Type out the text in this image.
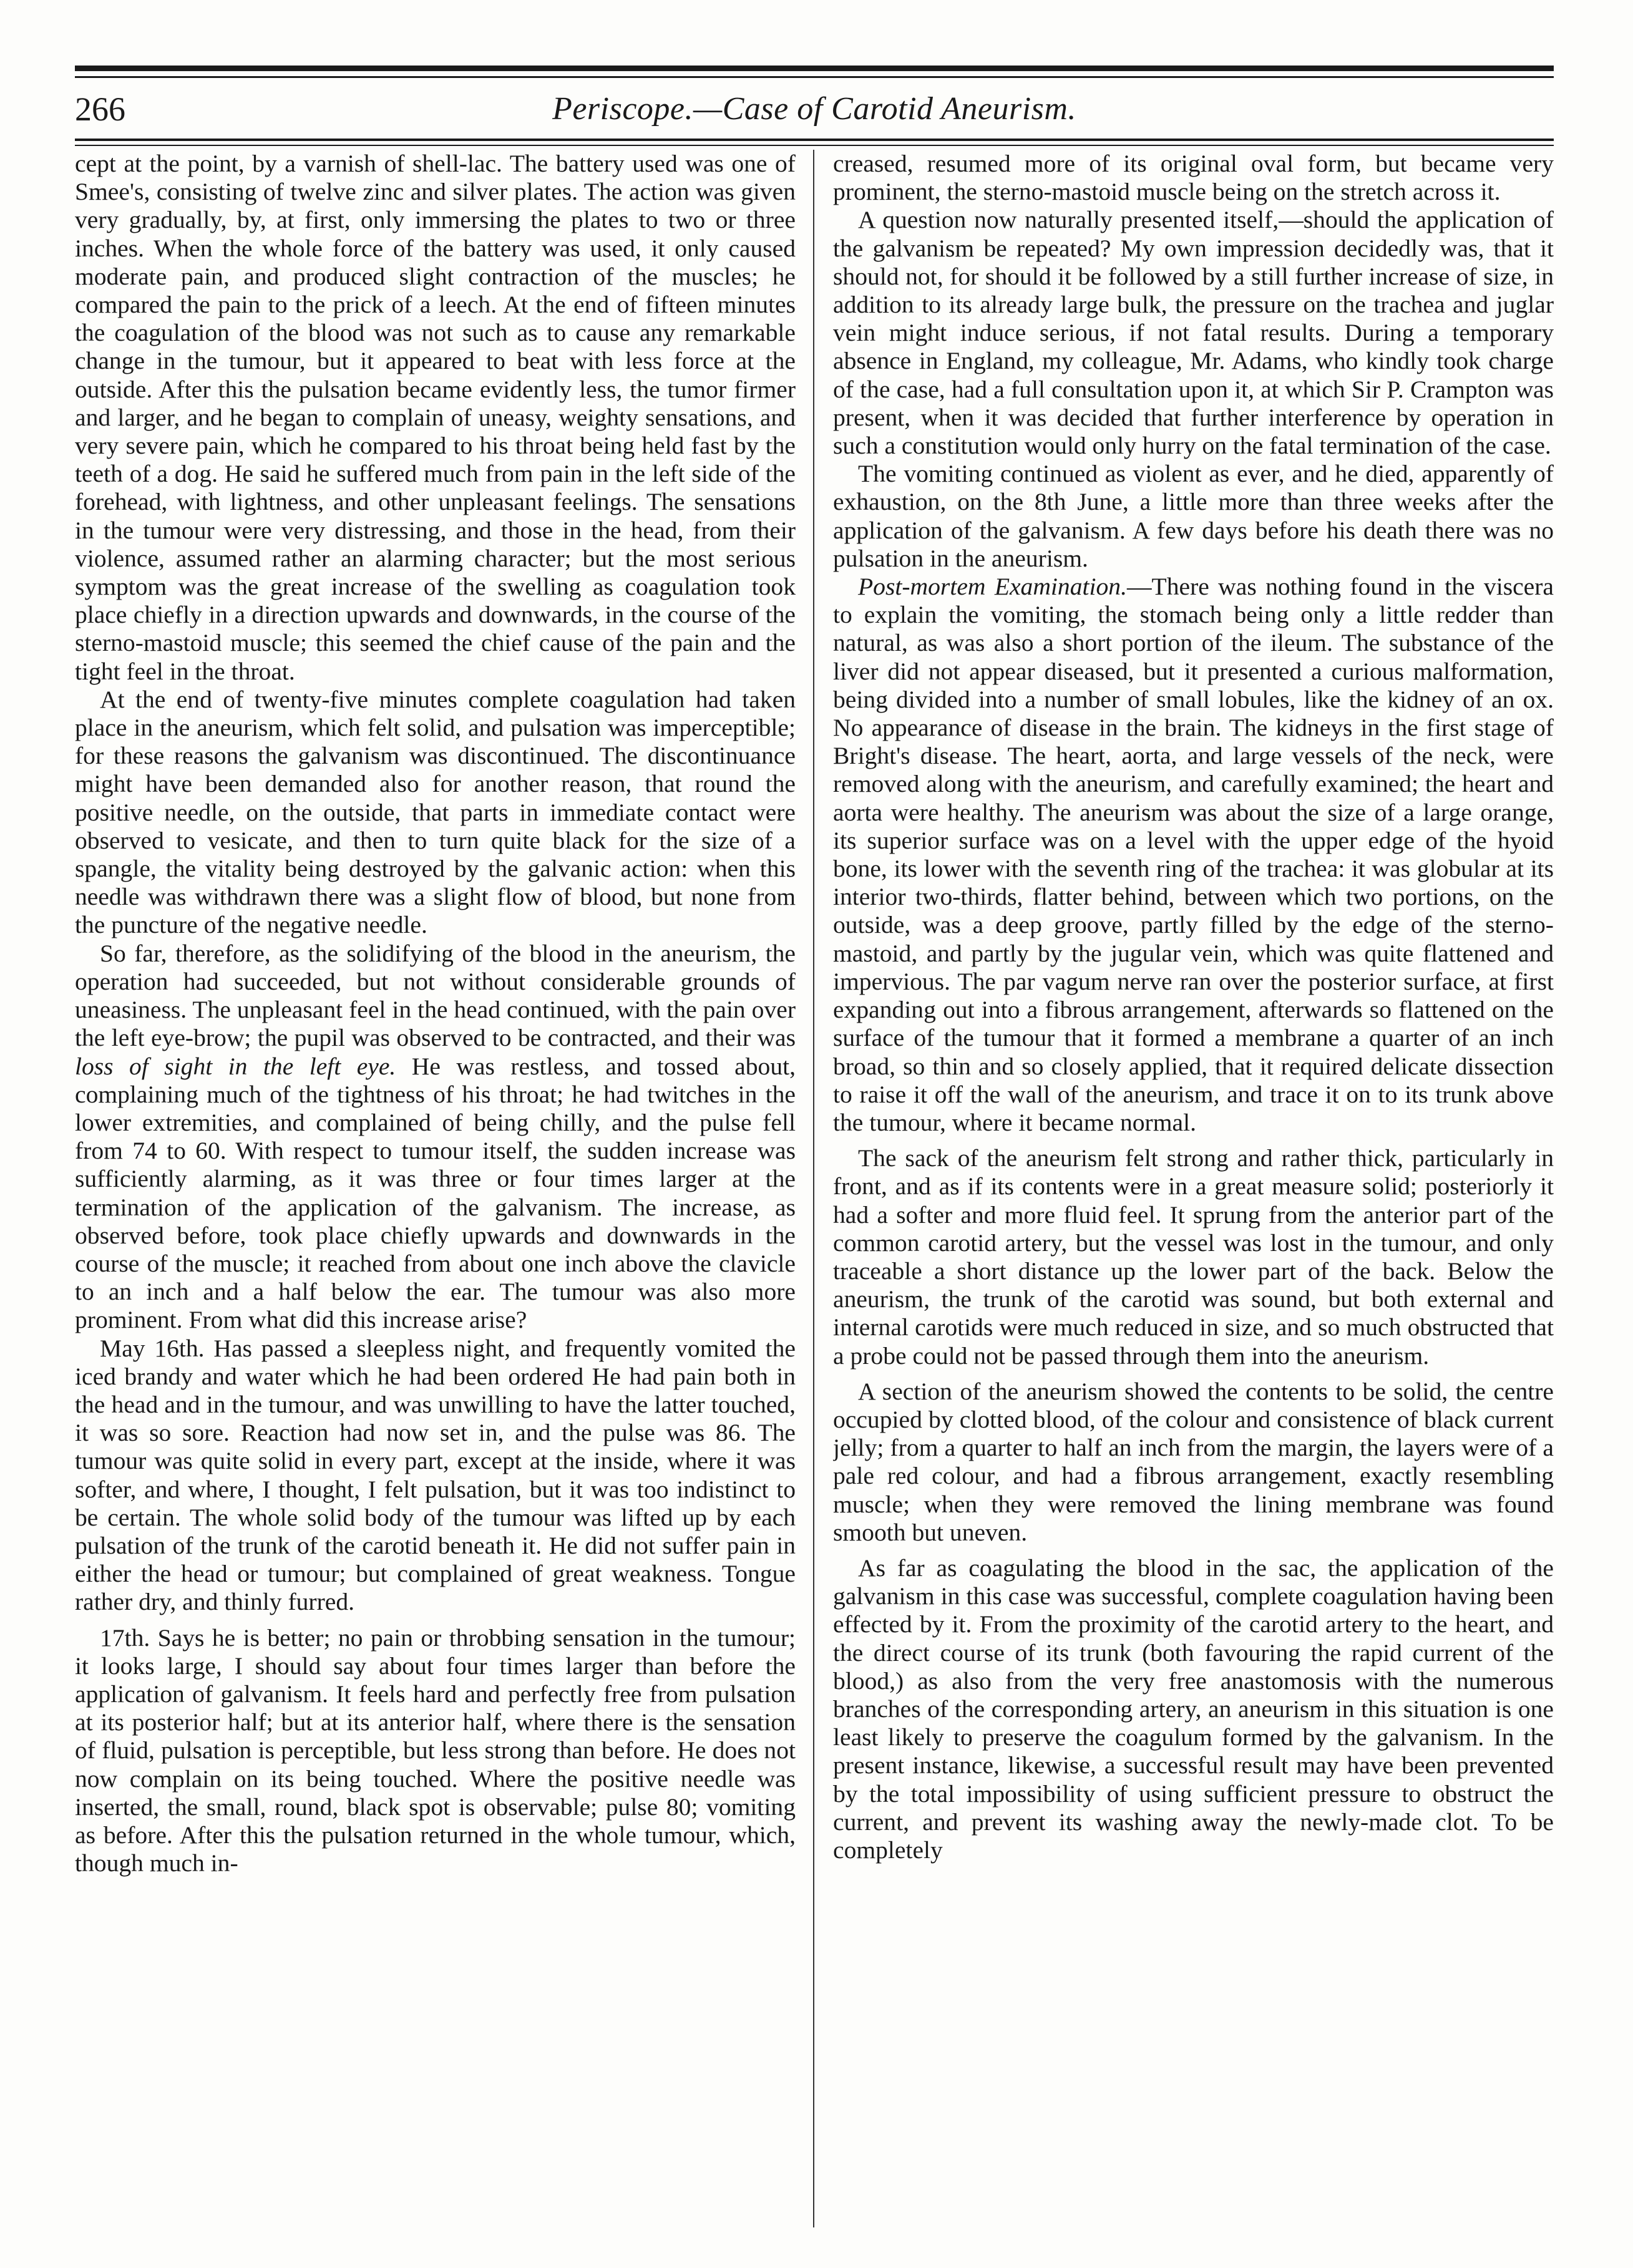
266	Periscope.—Case of Carotid Aneurism.

cept at the point, by a varnish of shell-lac. The battery used was one of Smee's, consisting of twelve zinc and silver plates. The action was given very gradually, by, at first, only immersing the plates to two or three inches. When the whole force of the battery was used, it only caused moderate pain, and produced slight contraction of the muscles; he compared the pain to the prick of a leech. At the end of fifteen minutes the coagulation of the blood was not such as to cause any remarkable change in the tumour, but it appeared to beat with less force at the outside. After this the pulsation became evidently less, the tumor firmer and larger, and he began to complain of uneasy, weighty sensations, and very severe pain, which he compared to his throat being held fast by the teeth of a dog. He said he suffered much from pain in the left side of the forehead, with lightness, and other unpleasant feelings. The sensations in the tumour were very distressing, and those in the head, from their violence, assumed rather an alarming character; but the most serious symptom was the great increase of the swelling as coagulation took place chiefly in a direction upwards and downwards, in the course of the sterno-mastoid muscle; this seemed the chief cause of the pain and the tight feel in the throat.

At the end of twenty-five minutes complete coagulation had taken place in the aneurism, which felt solid, and pulsation was imperceptible; for these reasons the galvanism was discontinued. The discontinuance might have been demanded also for another reason, that round the positive needle, on the outside, that parts in immediate contact were observed to vesicate, and then to turn quite black for the size of a spangle, the vitality being destroyed by the galvanic action: when this needle was withdrawn there was a slight flow of blood, but none from the puncture of the negative needle.

So far, therefore, as the solidifying of the blood in the aneurism, the operation had succeeded, but not without considerable grounds of uneasiness. The unpleasant feel in the head continued, with the pain over the left eye-brow; the pupil was observed to be contracted, and their was loss of sight in the left eye. He was restless, and tossed about, complaining much of the tightness of his throat; he had twitches in the lower extremities, and complained of being chilly, and the pulse fell from 74 to 60. With respect to tumour itself, the sudden increase was sufficiently alarming, as it was three or four times larger at the termination of the application of the galvanism. The increase, as observed before, took place chiefly upwards and downwards in the course of the muscle; it reached from about one inch above the clavicle to an inch and a half below the ear. The tumour was also more prominent. From what did this increase arise?

May 16th. Has passed a sleepless night, and frequently vomited the iced brandy and water which he had been ordered He had pain both in the head and in the tumour, and was unwilling to have the latter touched, it was so sore. Reaction had now set in, and the pulse was 86. The tumour was quite solid in every part, except at the inside, where it was softer, and where, I thought, I felt pulsation, but it was too indistinct to be certain. The whole solid body of the tumour was lifted up by each pulsation of the trunk of the carotid beneath it. He did not suffer pain in either the head or tumour; but complained of great weakness. Tongue rather dry, and thinly furred.

17th. Says he is better; no pain or throbbing sensation in the tumour; it looks large, I should say about four times larger than before the application of galvanism. It feels hard and perfectly free from pulsation at its posterior half; but at its anterior half, where there is the sensation of fluid, pulsation is perceptible, but less strong than before. He does not now complain on its being touched. Where the positive needle was inserted, the small, round, black spot is observable; pulse 80; vomiting as before. After this the pulsation returned in the whole tumour, which, though much in-

creased, resumed more of its original oval form, but became very prominent, the sterno-mastoid muscle being on the stretch across it.

A question now naturally presented itself,—should the application of the galvanism be repeated? My own impression decidedly was, that it should not, for should it be followed by a still further increase of size, in addition to its already large bulk, the pressure on the trachea and juglar vein might induce serious, if not fatal results. During a temporary absence in England, my colleague, Mr. Adams, who kindly took charge of the case, had a full consultation upon it, at which Sir P. Crampton was present, when it was decided that further interference by operation in such a constitution would only hurry on the fatal termination of the case.

The vomiting continued as violent as ever, and he died, apparently of exhaustion, on the 8th June, a little more than three weeks after the application of the galvanism. A few days before his death there was no pulsation in the aneurism.

Post-mortem Examination.—There was nothing found in the viscera to explain the vomiting, the stomach being only a little redder than natural, as was also a short portion of the ileum. The substance of the liver did not appear diseased, but it presented a curious malformation, being divided into a number of small lobules, like the kidney of an ox. No appearance of disease in the brain. The kidneys in the first stage of Bright's disease. The heart, aorta, and large vessels of the neck, were removed along with the aneurism, and carefully examined; the heart and aorta were healthy. The aneurism was about the size of a large orange, its superior surface was on a level with the upper edge of the hyoid bone, its lower with the seventh ring of the trachea: it was globular at its interior two-thirds, flatter behind, between which two portions, on the outside, was a deep groove, partly filled by the edge of the sterno-mastoid, and partly by the jugular vein, which was quite flattened and impervious. The par vagum nerve ran over the posterior surface, at first expanding out into a fibrous arrangement, afterwards so flattened on the surface of the tumour that it formed a membrane a quarter of an inch broad, so thin and so closely applied, that it required delicate dissection to raise it off the wall of the aneurism, and trace it on to its trunk above the tumour, where it became normal.

The sack of the aneurism felt strong and rather thick, particularly in front, and as if its contents were in a great measure solid; posteriorly it had a softer and more fluid feel. It sprung from the anterior part of the common carotid artery, but the vessel was lost in the tumour, and only traceable a short distance up the lower part of the back. Below the aneurism, the trunk of the carotid was sound, but both external and internal carotids were much reduced in size, and so much obstructed that a probe could not be passed through them into the aneurism.

A section of the aneurism showed the contents to be solid, the centre occupied by clotted blood, of the colour and consistence of black current jelly; from a quarter to half an inch from the margin, the layers were of a pale red colour, and had a fibrous arrangement, exactly resembling muscle; when they were removed the lining membrane was found smooth but uneven.

As far as coagulating the blood in the sac, the application of the galvanism in this case was successful, complete coagulation having been effected by it. From the proximity of the carotid artery to the heart, and the direct course of its trunk (both favouring the rapid current of the blood,) as also from the very free anastomosis with the numerous branches of the corresponding artery, an aneurism in this situation is one least likely to preserve the coagulum formed by the galvanism. In the present instance, likewise, a successful result may have been prevented by the total impossibility of using sufficient pressure to obstruct the current, and prevent its washing away the newly-made clot. To be completely
